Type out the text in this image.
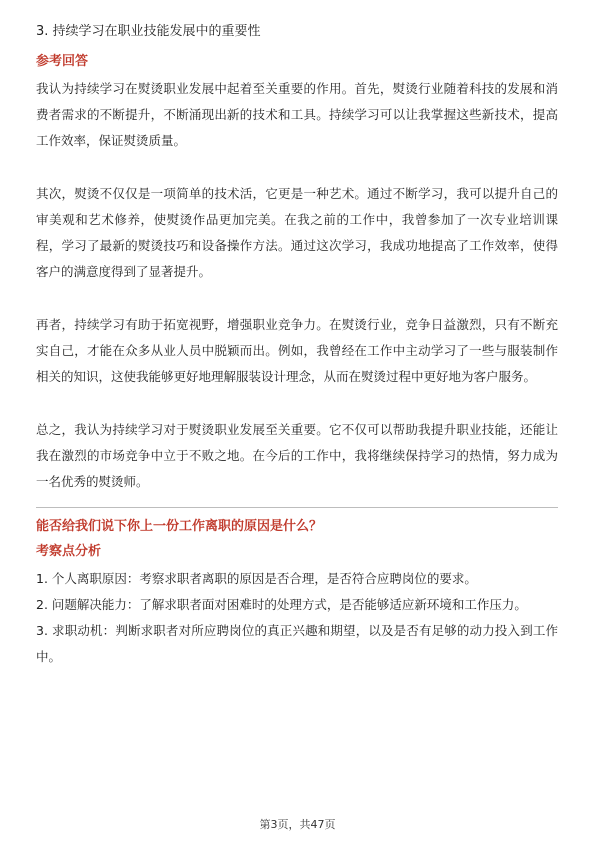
3. 持续学习在职业技能发展中的重要性
参考回答

我认为持续学习在熨烫职业发展中起着至关重要的作用。首先，熨烫行业随着科技的发展和消费者需求的不断提升，不断涌现出新的技术和工具。持续学习可以让我掌握这些新技术，提高工作效率，保证熨烫质量。

其次，熨烫不仅仅是一项简单的技术活，它更是一种艺术。通过不断学习，我可以提升自己的审美观和艺术修养，使熨烫作品更加完美。在我之前的工作中，我曾参加了一次专业培训课程，学习了最新的熨烫技巧和设备操作方法。通过这次学习，我成功地提高了工作效率，使得客户的满意度得到了显著提升。

再者，持续学习有助于拓宽视野，增强职业竞争力。在熨烫行业，竞争日益激烈，只有不断充实自己，才能在众多从业人员中脱颖而出。例如，我曾经在工作中主动学习了一些与服装制作相关的知识，这使我能够更好地理解服装设计理念，从而在熨烫过程中更好地为客户服务。

总之，我认为持续学习对于熨烫职业发展至关重要。它不仅可以帮助我提升职业技能，还能让我在激烈的市场竞争中立于不败之地。在今后的工作中，我将继续保持学习的热情，努力成为一名优秀的熨烫师。

能否给我们说下你上一份工作离职的原因是什么？
考察点分析

1. 个人离职原因：考察求职者离职的原因是否合理，是否符合应聘岗位的要求。

2. 问题解决能力：了解求职者面对困难时的处理方式，是否能够适应新环境和工作压力。

3. 求职动机：判断求职者对所应聘岗位的真正兴趣和期望，以及是否有足够的动力投入到工作中。

第3页，共47页
